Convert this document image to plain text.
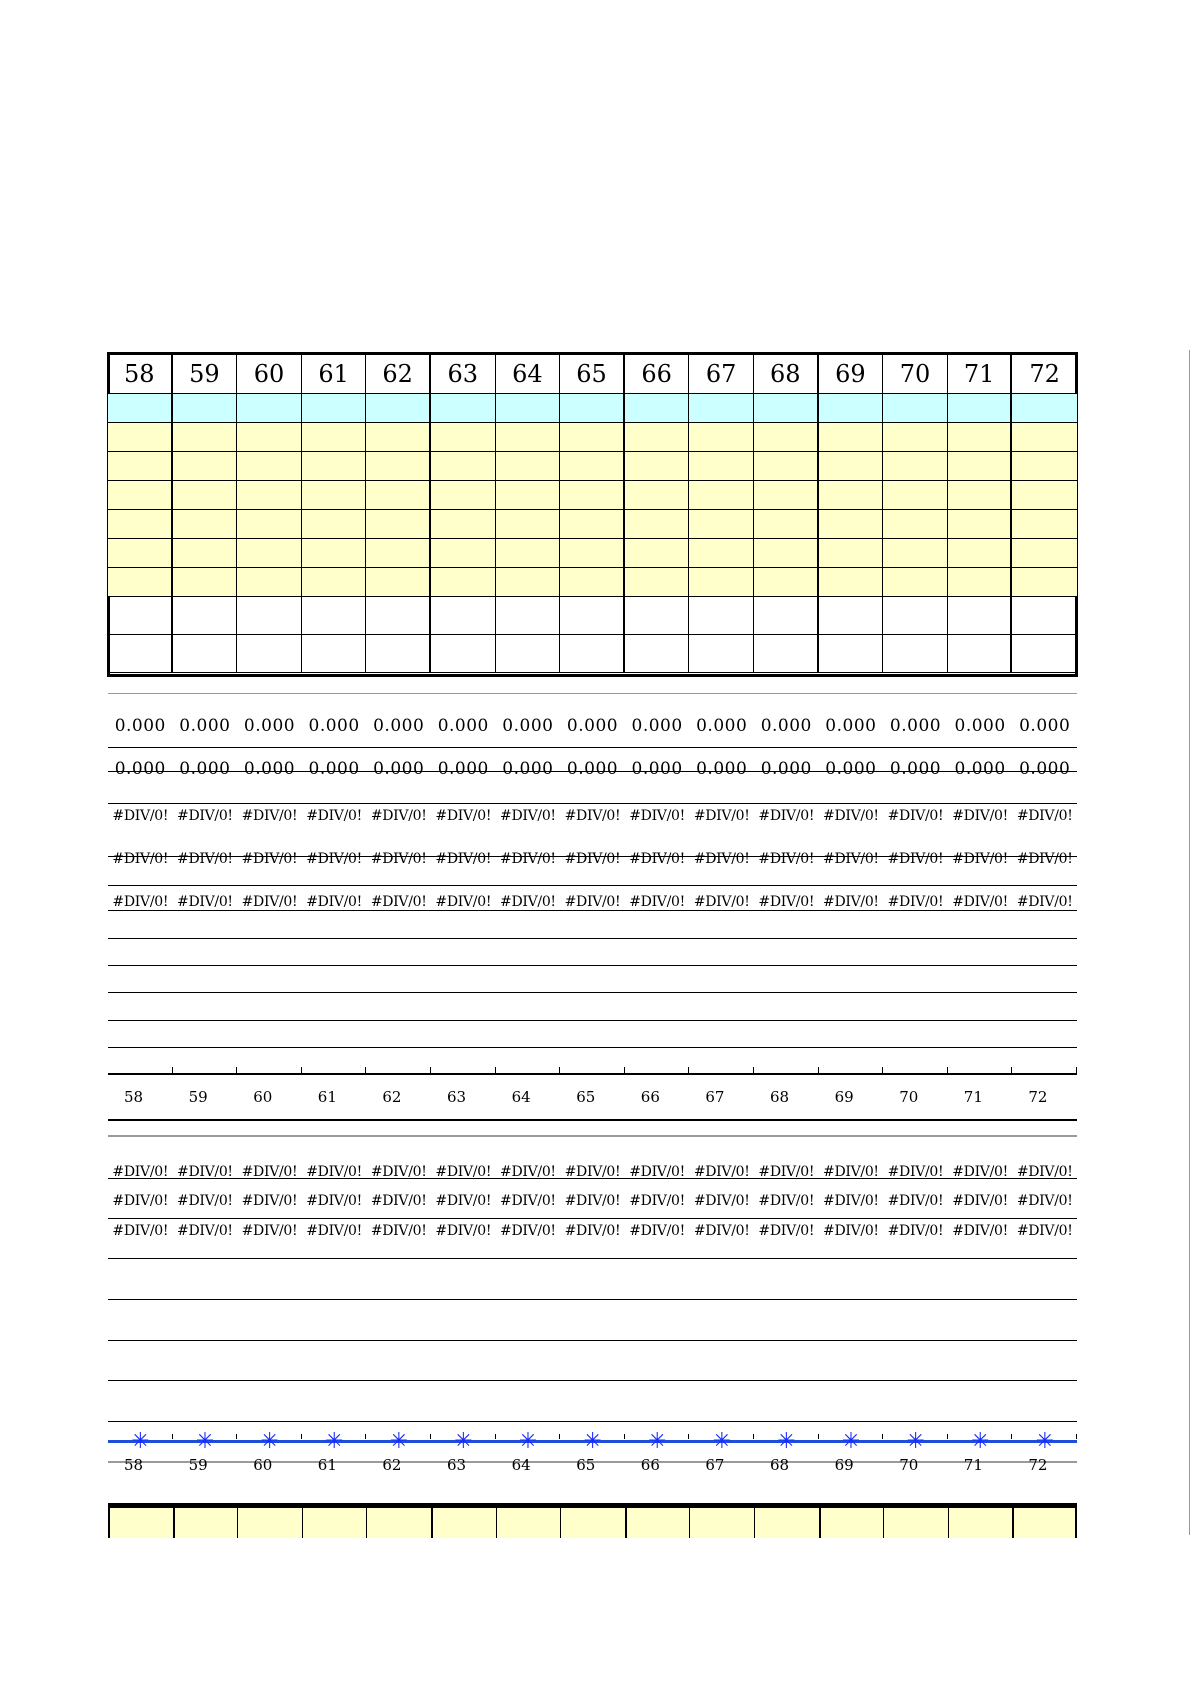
58	59	60	61	62	63	64	65	66	67	68	69	70	71	72
0.000 0.000 0.000 0.000 0.000 0.000 0.000 0.000 0.000 0.000 0.000 0.000 0.000 0.000 0.000
0.000 0.000 0.000 0.000 0.000 0.000 0.000 0.000 0.000 0.000 0.000 0.000 0.000 0.000 0.000
#DIV/0! #DIV/0! #DIV/0! #DIV/0! #DIV/0! #DIV/0! #DIV/0! #DIV/0! #DIV/0! #DIV/0! #DIV/0! #DIV/0! #DIV/0! #DIV/0! #DIV/0!
#DIV/0! #DIV/0! #DIV/0! #DIV/0! #DIV/0! #DIV/0! #DIV/0! #DIV/0! #DIV/0! #DIV/0! #DIV/0! #DIV/0! #DIV/0! #DIV/0! #DIV/0!
#DIV/0! #DIV/0! #DIV/0! #DIV/0! #DIV/0! #DIV/0! #DIV/0! #DIV/0! #DIV/0! #DIV/0! #DIV/0! #DIV/0! #DIV/0! #DIV/0! #DIV/0!
58	59	60	61	62	63	64	65	66	67	68	69	70	71	72
#DIV/0! #DIV/0! #DIV/0! #DIV/0! #DIV/0! #DIV/0! #DIV/0! #DIV/0! #DIV/0! #DIV/0! #DIV/0! #DIV/0! #DIV/0! #DIV/0! #DIV/0!
#DIV/0! #DIV/0! #DIV/0! #DIV/0! #DIV/0! #DIV/0! #DIV/0! #DIV/0! #DIV/0! #DIV/0! #DIV/0! #DIV/0! #DIV/0! #DIV/0! #DIV/0!
#DIV/0! #DIV/0! #DIV/0! #DIV/0! #DIV/0! #DIV/0! #DIV/0! #DIV/0! #DIV/0! #DIV/0! #DIV/0! #DIV/0! #DIV/0! #DIV/0! #DIV/0!
✳ ✳ ✳ ✳ ✳ ✳ ✳ ✳ ✳ ✳ ✳ ✳ ✳ ✳ ✳
58	59	60	61	62	63	64	65	66	67	68	69	70	71	72
